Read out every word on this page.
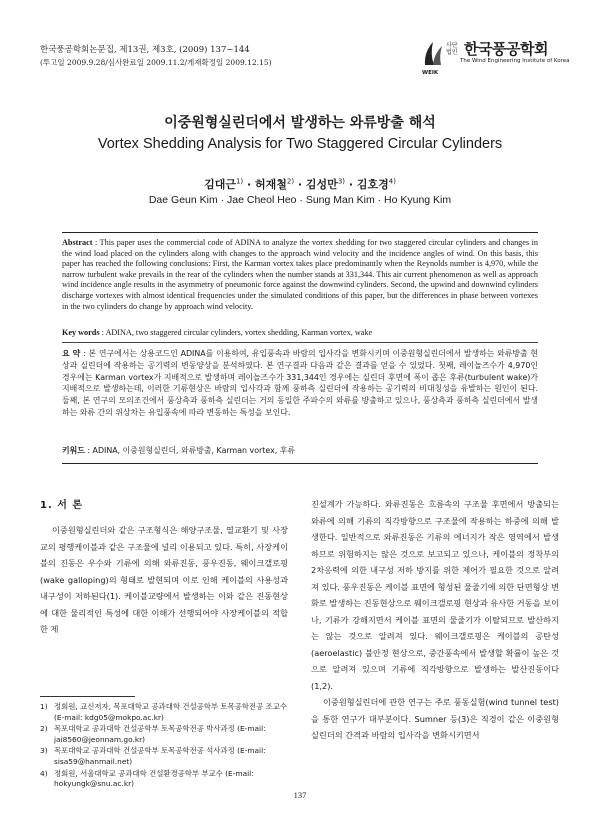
한국풍공학회논문집, 제13권, 제3호, (2009) 137~144
(투고일 2009.9.28/심사완료일 2009.11.2/게재확정일 2009.12.15)
사단법인 한국풍공학회
WEIK
The Wind Engineering Institute of Korea
이중원형실린더에서 발생하는 와류방출 해석
Vortex Shedding Analysis for Two Staggered Circular Cylinders
김대근$^{1)}$ · 허재철$^{2)}$ · 김성만$^{3)}$ · 김호경$^{4)}$
Dae Geun Kim · Jae Cheol Heo · Sung Man Kim · Ho Kyung Kim
Abstract : This paper uses the commercial code of ADINA to analyze the vortex shedding for two staggered circular cylinders and changes in the wind load placed on the cylinders along with changes to the approach wind velocity and the incidence angles of wind. On this basis, this paper has reached the following conclusions: First, the Karman vortex takes place predominantly when the Reynolds number is 4,970, while the narrow turbulent wake prevails in the rear of the cylinders when the number stands at 331,344. This air current phenomenon as well as approach wind incidence angle results in the asymmetry of pneumonic force against the downwind cylinders. Second, the upwind and downwind cylinders discharge vortexes with almost identical frequencies under the simulated conditions of this paper, but the differences in phase between vortexes in the two cylinders do change by approach wind velocity.
Key words : ADINA, two staggered circular cylinders, vortex shedding, Karman vortex, wake
요 약 : 본 연구에서는 상용코드인 ADINA를 이용하여, 유입풍속과 바람의 입사각을 변화시키며 이중원형실린더에서 발생하는 와류방출 현상과 실린더에 작용하는 공기력의 변동양상을 분석하였다. 본 연구결과 다음과 같은 결과를 얻을 수 있었다. 첫째, 레이놀즈수가 4,970인 경우에는 Karman vortex가 지배적으로 발생하며 레이놀즈수가 331,344인 경우에는 실린더 후면에 폭이 좁은 후류(turbulent wake)가 지배적으로 발생하는데, 이러한 기류현상은 바람의 입사각과 함께 풍하측 실린더에 작용하는 공기력의 비대칭성을 유발하는 원인이 된다. 둘째, 본 연구의 모의조건에서 풍상측과 풍하측 실린더는 거의 동일한 주파수의 와류를 방출하고 있으나, 풍상측과 풍하측 실린더에서 발생하는 와류 간의 위상차는 유입풍속에 따라 변동하는 특성을 보인다.
키워드 : ADINA, 이중원형실린더, 와류방출, Karman vortex, 후류
1. 서 론

이중원형실린더와 같은 구조형식은 해양구조물, 열교환기 및 사장교의 평행케이블과 같은 구조물에 널리 이용되고 있다. 특히, 사장케이블의 진동은 우수와 기류에 의해 와류진동, 풍우진동, 웨이크갤로핑(wake galloping)의 형태로 발현되며 이로 인해 케이블의 사용성과 내구성이 저하된다(1). 케이블교량에서 발생하는 이와 같은 진동현상에 대한 물리적인 특성에 대한 이해가 선행되어야 사장케이블의 적합한 제

진설계가 가능하다. 와류진동은 흐름속의 구조물 후면에서 방출되는 와류에 의해 기류의 직각방향으로 구조물에 작용하는 하중에 의해 발생한다. 일반적으로 와류진동은 기류의 에너지가 작은 영역에서 발생하므로 위험하지는 않은 것으로 보고되고 있으나, 케이블의 정착부의 2차응력에 의한 내구성 저하 방지를 위한 제어가 필요한 것으로 알려져 있다. 풍우진동은 케이블 표면에 형성된 물줄기에 의한 단면형상 변화로 발생하는 진동현상으로 웨이크갤로핑 현상과 유사한 거동을 보이나, 기류가 강해지면서 케이블 표면의 물줄기가 이탈되므로 발산하지는 않는 것으로 알려져 있다. 웨이크갤로핑은 케이블의 공탄성(aeroelastic) 불안정 현상으로, 중간풍속에서 발생할 확률이 높은 것으로 알려져 있으며 기류에 직각방향으로 발생하는 발산진동이다(1,2).

이중원형실린더에 관한 연구는 주로 풍동실험(wind tunnel test)을 통한 연구가 대부분이다. Sumner 등(3)은 직경이 같은 이중원형실린더의 간격과 바람의 입사각을 변화시키면서

1) 정회원, 교신저자, 목포대학교 공과대학 건설공학부 토목공학전공 조교수 (E-mail: kdg05@mokpo.ac.kr)
2) 목포대학교 공과대학 건설공학부 토목공학전공 박사과정 (E-mail: jai8560@jeonnam.go.kr)
3) 목포대학교 공과대학 건설공학부 토목공학전공 석사과정 (E-mail: sisa59@hanmail.net)
4) 정회원, 서울대학교 공과대학 건설환경공학부 부교수 (E-mail: hokyungk@snu.ac.kr)
137
